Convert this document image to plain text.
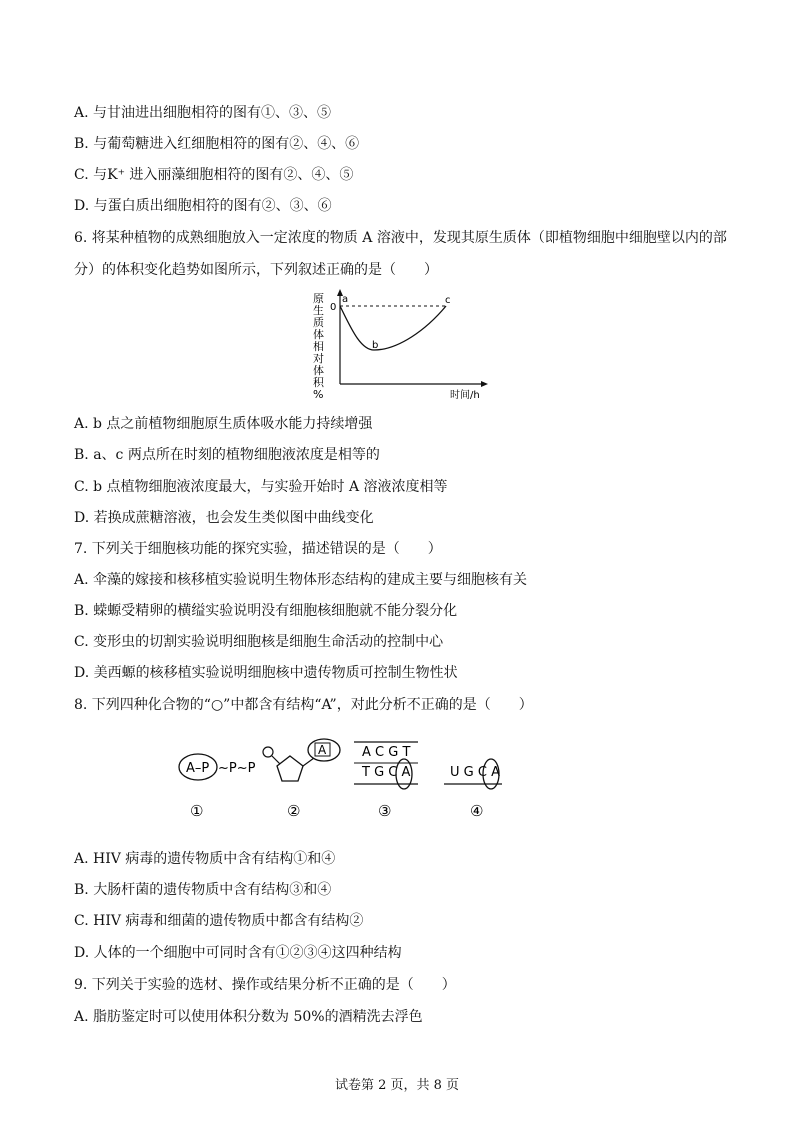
A. 与甘油进出细胞相符的图有①、③、⑤
B. 与葡萄糖进入红细胞相符的图有②、④、⑥
C. 与K⁺ 进入丽藻细胞相符的图有②、④、⑤
D. 与蛋白质出细胞相符的图有②、③、⑥
6. 将某种植物的成熟细胞放入一定浓度的物质 A 溶液中，发现其原生质体（即植物细胞中细胞壁以内的部
分）的体积变化趋势如图所示，下列叙述正确的是（　　）
原生质体相对体积%
0
a
b
c
时间/h
A. b 点之前植物细胞原生质体吸水能力持续增强
B. a、c 两点所在时刻的植物细胞液浓度是相等的
C. b 点植物细胞液浓度最大，与实验开始时 A 溶液浓度相等
D. 若换成蔗糖溶液，也会发生类似图中曲线变化
7. 下列关于细胞核功能的探究实验，描述错误的是（　　）
A. 伞藻的嫁接和核移植实验说明生物体形态结构的建成主要与细胞核有关
B. 蝾螈受精卵的横缢实验说明没有细胞核细胞就不能分裂分化
C. 变形虫的切割实验说明细胞核是细胞生命活动的控制中心
D. 美西螈的核移植实验说明细胞核中遗传物质可控制生物性状
8. 下列四种化合物的“○”中都含有结构“A”，对此分析不正确的是（　　）
A–P ~P~P
①
A
②
A C G T
T G C A
③
U G C A
④
A. HIV 病毒的遗传物质中含有结构①和④
B. 大肠杆菌的遗传物质中含有结构③和④
C. HIV 病毒和细菌的遗传物质中都含有结构②
D. 人体的一个细胞中可同时含有①②③④这四种结构
9. 下列关于实验的选材、操作或结果分析不正确的是（　　）
A. 脂肪鉴定时可以使用体积分数为 50%的酒精洗去浮色
试卷第 2 页，共 8 页
